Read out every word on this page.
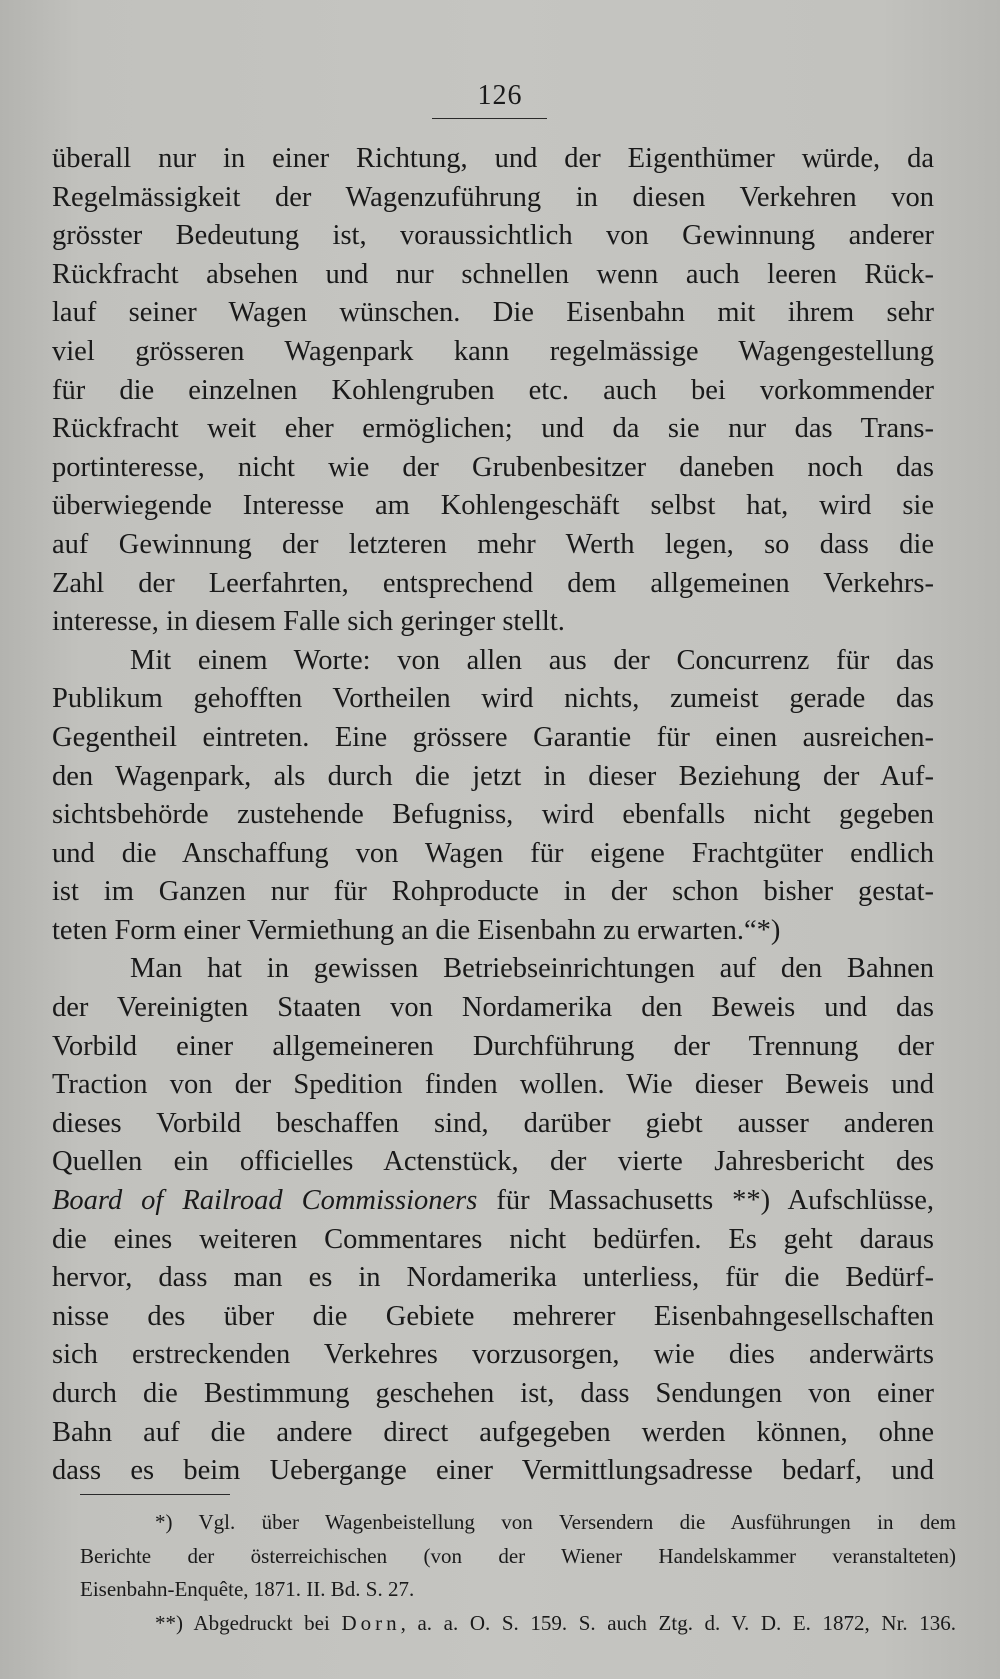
126
überall nur in einer Richtung, und der Eigenthümer würde, da
Regelmässigkeit der Wagenzuführung in diesen Verkehren von
grösster Bedeutung ist, voraussichtlich von Gewinnung anderer
Rückfracht absehen und nur schnellen wenn auch leeren Rück-
lauf seiner Wagen wünschen. Die Eisenbahn mit ihrem sehr
viel grösseren Wagenpark kann regelmässige Wagengestellung
für die einzelnen Kohlengruben etc. auch bei vorkommender
Rückfracht weit eher ermöglichen; und da sie nur das Trans-
portinteresse, nicht wie der Grubenbesitzer daneben noch das
überwiegende Interesse am Kohlengeschäft selbst hat, wird sie
auf Gewinnung der letzteren mehr Werth legen, so dass die
Zahl der Leerfahrten, entsprechend dem allgemeinen Verkehrs-
interesse, in diesem Falle sich geringer stellt.
Mit einem Worte: von allen aus der Concurrenz für das
Publikum gehofften Vortheilen wird nichts, zumeist gerade das
Gegentheil eintreten. Eine grössere Garantie für einen ausreichen-
den Wagenpark, als durch die jetzt in dieser Beziehung der Auf-
sichtsbehörde zustehende Befugniss, wird ebenfalls nicht gegeben
und die Anschaffung von Wagen für eigene Frachtgüter endlich
ist im Ganzen nur für Rohproducte in der schon bisher gestat-
teten Form einer Vermiethung an die Eisenbahn zu erwarten.“*)
Man hat in gewissen Betriebseinrichtungen auf den Bahnen
der Vereinigten Staaten von Nordamerika den Beweis und das
Vorbild einer allgemeineren Durchführung der Trennung der
Traction von der Spedition finden wollen. Wie dieser Beweis und
dieses Vorbild beschaffen sind, darüber giebt ausser anderen
Quellen ein officielles Actenstück, der vierte Jahresbericht des
Board of Railroad Commissioners für Massachusetts **) Aufschlüsse,
die eines weiteren Commentares nicht bedürfen. Es geht daraus
hervor, dass man es in Nordamerika unterliess, für die Bedürf-
nisse des über die Gebiete mehrerer Eisenbahngesellschaften
sich erstreckenden Verkehres vorzusorgen, wie dies anderwärts
durch die Bestimmung geschehen ist, dass Sendungen von einer
Bahn auf die andere direct aufgegeben werden können, ohne
dass es beim Uebergange einer Vermittlungsadresse bedarf, und
*) Vgl. über Wagenbeistellung von Versendern die Ausführungen in dem
Berichte der österreichischen (von der Wiener Handelskammer veranstalteten)
Eisenbahn-Enquête, 1871. II. Bd. S. 27.
**) Abgedruckt bei Dorn, a. a. O. S. 159. S. auch Ztg. d. V. D. E. 1872, Nr. 136.
